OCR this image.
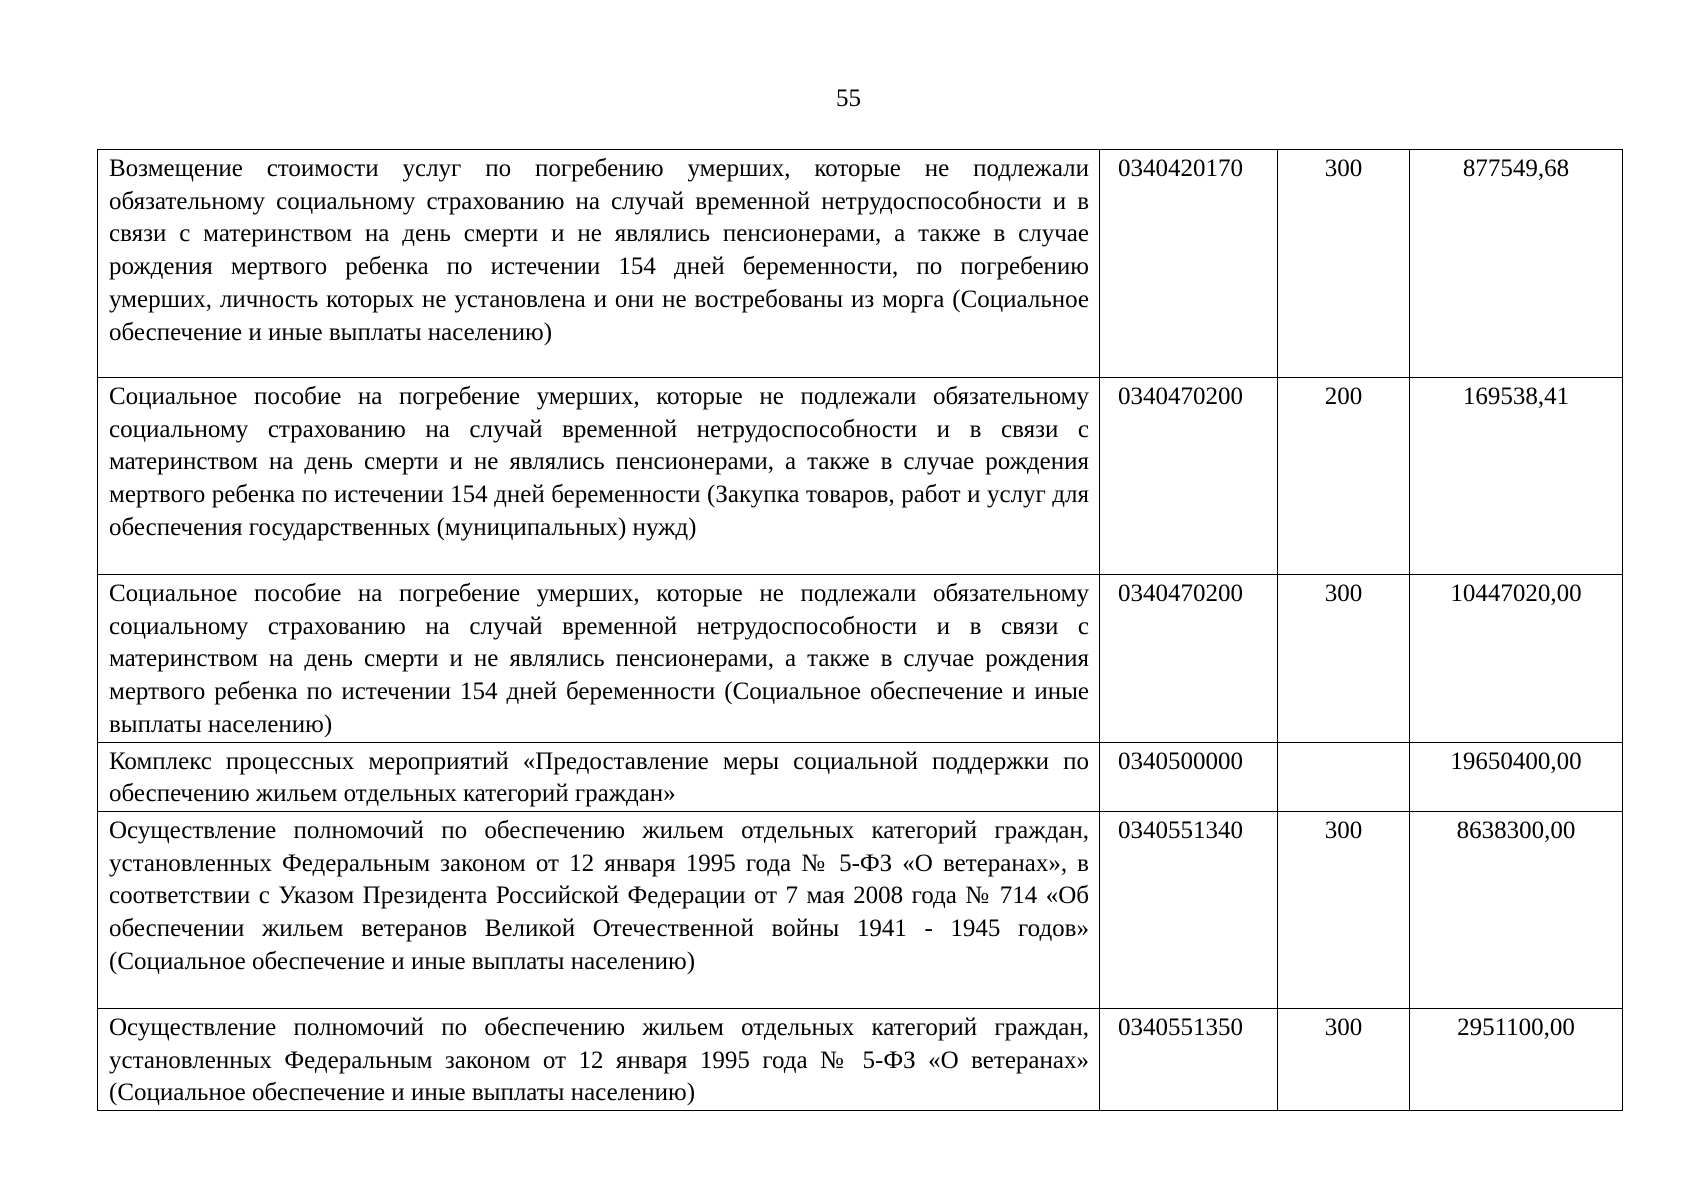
55
Возмещение стоимости услуг по погребению умерших, которые не подлежали обязательному социальному страхованию на случай временной нетрудоспособности и в связи с материнством на день смерти и не являлись пенсионерами, а также в случае рождения мертвого ребенка по истечении 154 дней беременности, по погребению умерших, личность которых не установлена и они не востребованы из морга (Социальное обеспечение и иные выплаты населению)	0340420170	300	877549,68
Социальное пособие на погребение умерших, которые не подлежали обязательному социальному страхованию на случай временной нетрудоспособности и в связи с материнством на день смерти и не являлись пенсионерами, а также в случае рождения мертвого ребенка по истечении 154 дней беременности (Закупка товаров, работ и услуг для обеспечения государственных (муниципальных) нужд)	0340470200	200	169538,41
Социальное пособие на погребение умерших, которые не подлежали обязательному социальному страхованию на случай временной нетрудоспособности и в связи с материнством на день смерти и не являлись пенсионерами, а также в случае рождения мертвого ребенка по истечении 154 дней беременности (Социальное обеспечение и иные выплаты населению)	0340470200	300	10447020,00
Комплекс процессных мероприятий «Предоставление меры социальной поддержки по обеспечению жильем отдельных категорий граждан»	0340500000		19650400,00
Осуществление полномочий по обеспечению жильем отдельных категорий граждан, установленных Федеральным законом от 12 января 1995 года № 5-ФЗ «О ветеранах», в соответствии с Указом Президента Российской Федерации от 7 мая 2008 года № 714 «Об обеспечении жильем ветеранов Великой Отечественной войны 1941 - 1945 годов» (Социальное обеспечение и иные выплаты населению)	0340551340	300	8638300,00
Осуществление полномочий по обеспечению жильем отдельных категорий граждан, установленных Федеральным законом от 12 января 1995 года № 5-ФЗ «О ветеранах» (Социальное обеспечение и иные выплаты населению)	0340551350	300	2951100,00
